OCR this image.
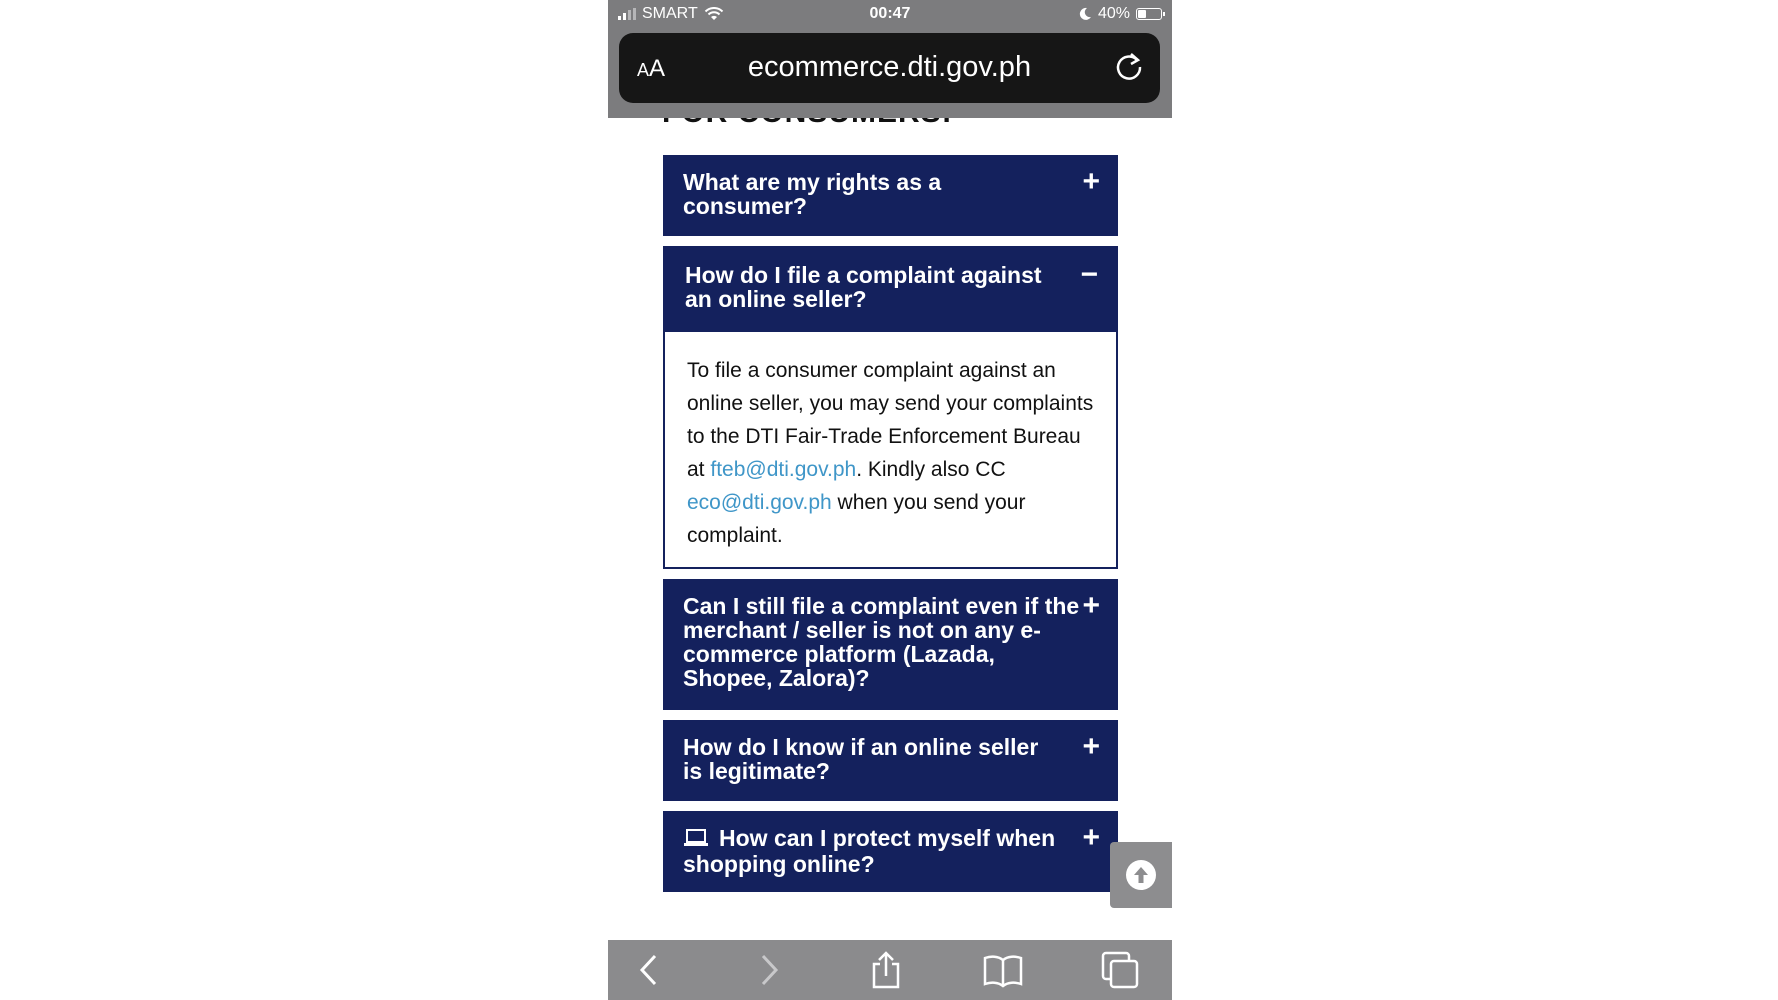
What are my rights as a consumer?
+
How do I file a complaint against an online seller?
−
To file a consumer complaint against an online seller, you may send your complaints to the DTI Fair-Trade Enforcement Bureau at fteb@dti.gov.ph. Kindly also CC eco@dti.gov.ph when you send your complaint.
Can I still file a complaint even if the merchant / seller is not on any e-commerce platform (Lazada, Shopee, Zalora)?
+
How do I know if an online seller is legitimate?
+
How can I protect myself when shopping online?
+
SMART	00:47	40%
AA	ecommerce.dti.gov.ph
